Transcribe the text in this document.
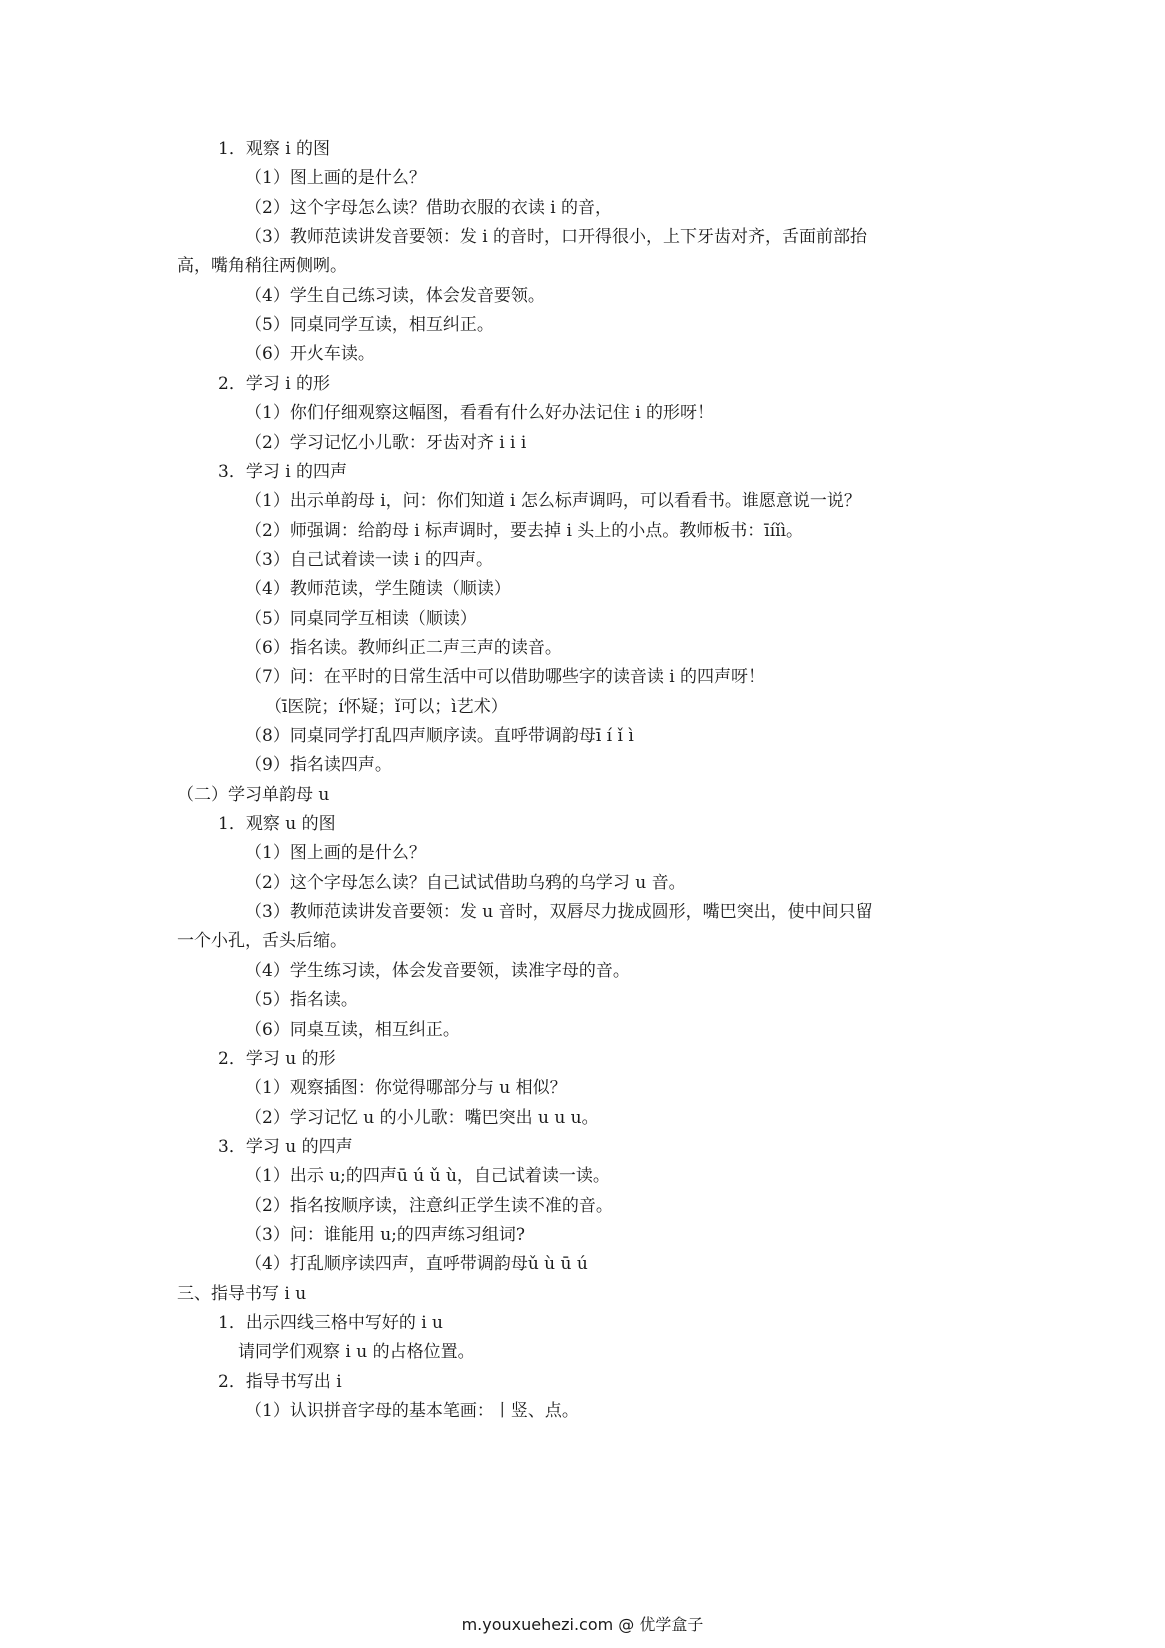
1．观察 i 的图
（1）图上画的是什么？
（2）这个字母怎么读？借助衣服的衣读 i 的音，
（3）教师范读讲发音要领：发 i 的音时，口开得很小，上下牙齿对齐，舌面前部抬
高，嘴角稍往两侧咧。
（4）学生自己练习读，体会发音要领。
（5）同桌同学互读，相互纠正。
（6）开火车读。
2．学习 i 的形
（1）你们仔细观察这幅图，看看有什么好办法记住 i 的形呀！
（2）学习记忆小儿歌：牙齿对齐 i i i
3．学习 i 的四声
（1）出示单韵母 i，问：你们知道 i 怎么标声调吗，可以看看书。谁愿意说一说？
（2）师强调：给韵母 i 标声调时，要去掉 i 头上的小点。教师板书：īíǐì。
（3）自己试着读一读 i 的四声。
（4）教师范读，学生随读（顺读）
（5）同桌同学互相读（顺读）
（6）指名读。教师纠正二声三声的读音。
（7）问：在平时的日常生活中可以借助哪些字的读音读 i 的四声呀！
（ī医院；í怀疑；ǐ可以；ì艺术）
（8）同桌同学打乱四声顺序读。直呼带调韵母ī í ǐ ì
（9）指名读四声。
（二）学习单韵母 u
1．观察 u 的图
（1）图上画的是什么？
（2）这个字母怎么读？自己试试借助乌鸦的乌学习 u 音。
（3）教师范读讲发音要领：发 u 音时，双唇尽力拢成圆形，嘴巴突出，使中间只留
一个小孔，舌头后缩。
（4）学生练习读，体会发音要领，读准字母的音。
（5）指名读。
（6）同桌互读，相互纠正。
2．学习 u 的形
（1）观察插图：你觉得哪部分与 u 相似？
（2）学习记忆 u 的小儿歌：嘴巴突出 u u u。
3．学习 u 的四声
（1）出示 u;的四声ū ú ǔ ù，自己试着读一读。
（2）指名按顺序读，注意纠正学生读不准的音。
（3）问：谁能用 u;的四声练习组词?
（4）打乱顺序读四声，直呼带调韵母ǔ ù ū ú
三、指导书写 i u
1．出示四线三格中写好的 i u
请同学们观察 i u 的占格位置。
2．指导书写出 i
（1）认识拼音字母的基本笔画：丨竖、点。
m.youxuehezi.com @ 优学盒子
